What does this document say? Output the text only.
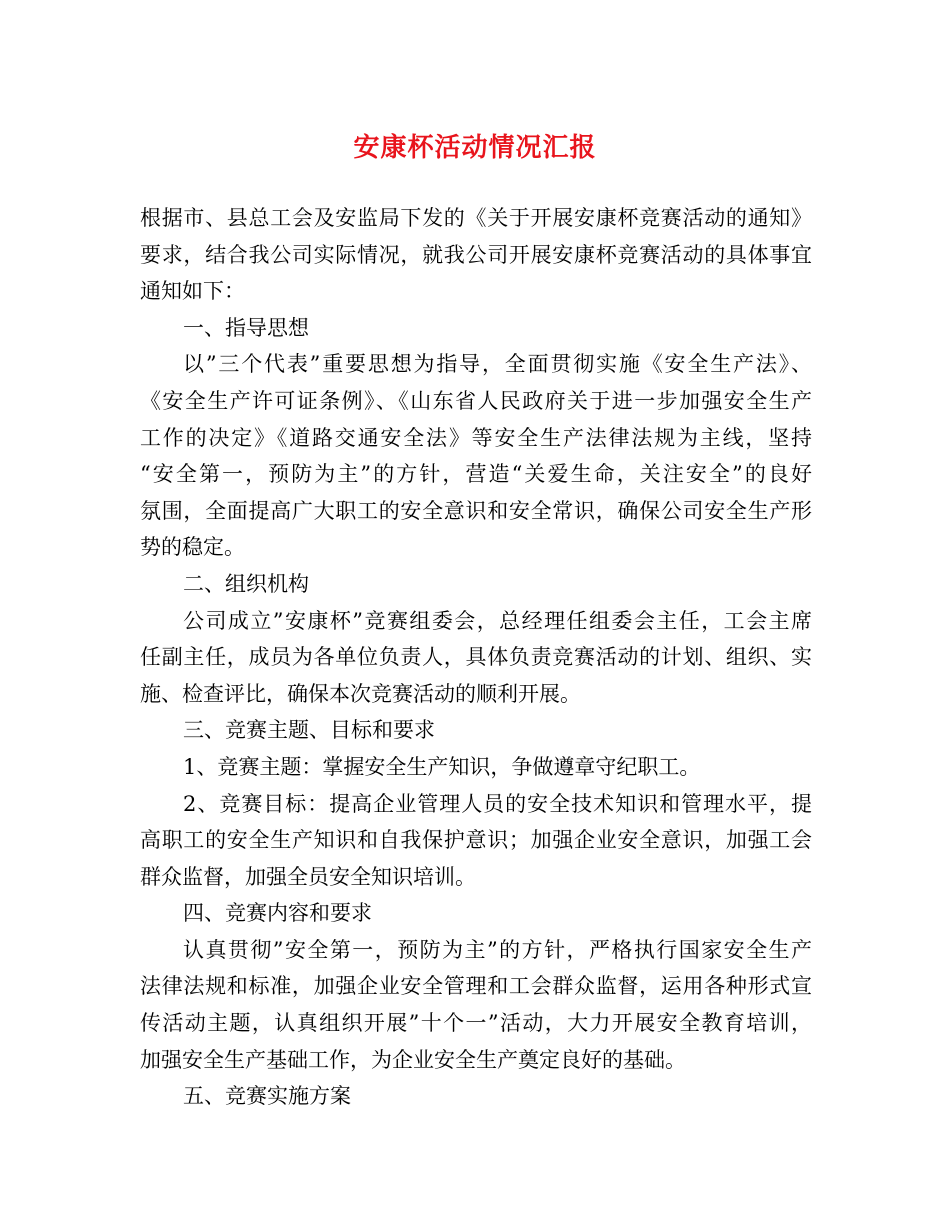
安康杯活动情况汇报
根据市、县总工会及安监局下发的《关于开展安康杯竞赛活动的通知》
要求，结合我公司实际情况，就我公司开展安康杯竞赛活动的具体事宜
通知如下：
一、指导思想
以”三个代表”重要思想为指导，全面贯彻实施《安全生产法》、
《安全生产许可证条例》、《山东省人民政府关于进一步加强安全生产
工作的决定》《道路交通安全法》等安全生产法律法规为主线，坚持
“安全第一，预防为主”的方针，营造“关爱生命，关注安全”的良好
氛围，全面提高广大职工的安全意识和安全常识，确保公司安全生产形
势的稳定。
二、组织机构
公司成立”安康杯”竞赛组委会，总经理任组委会主任，工会主席
任副主任，成员为各单位负责人，具体负责竞赛活动的计划、组织、实
施、检查评比，确保本次竞赛活动的顺利开展。
三、竞赛主题、目标和要求
1、竞赛主题：掌握安全生产知识，争做遵章守纪职工。
2、竞赛目标：提高企业管理人员的安全技术知识和管理水平，提
高职工的安全生产知识和自我保护意识；加强企业安全意识，加强工会
群众监督，加强全员安全知识培训。
四、竞赛内容和要求
认真贯彻”安全第一，预防为主”的方针，严格执行国家安全生产
法律法规和标准，加强企业安全管理和工会群众监督，运用各种形式宣
传活动主题，认真组织开展”十个一”活动，大力开展安全教育培训，
加强安全生产基础工作，为企业安全生产奠定良好的基础。
五、竞赛实施方案
